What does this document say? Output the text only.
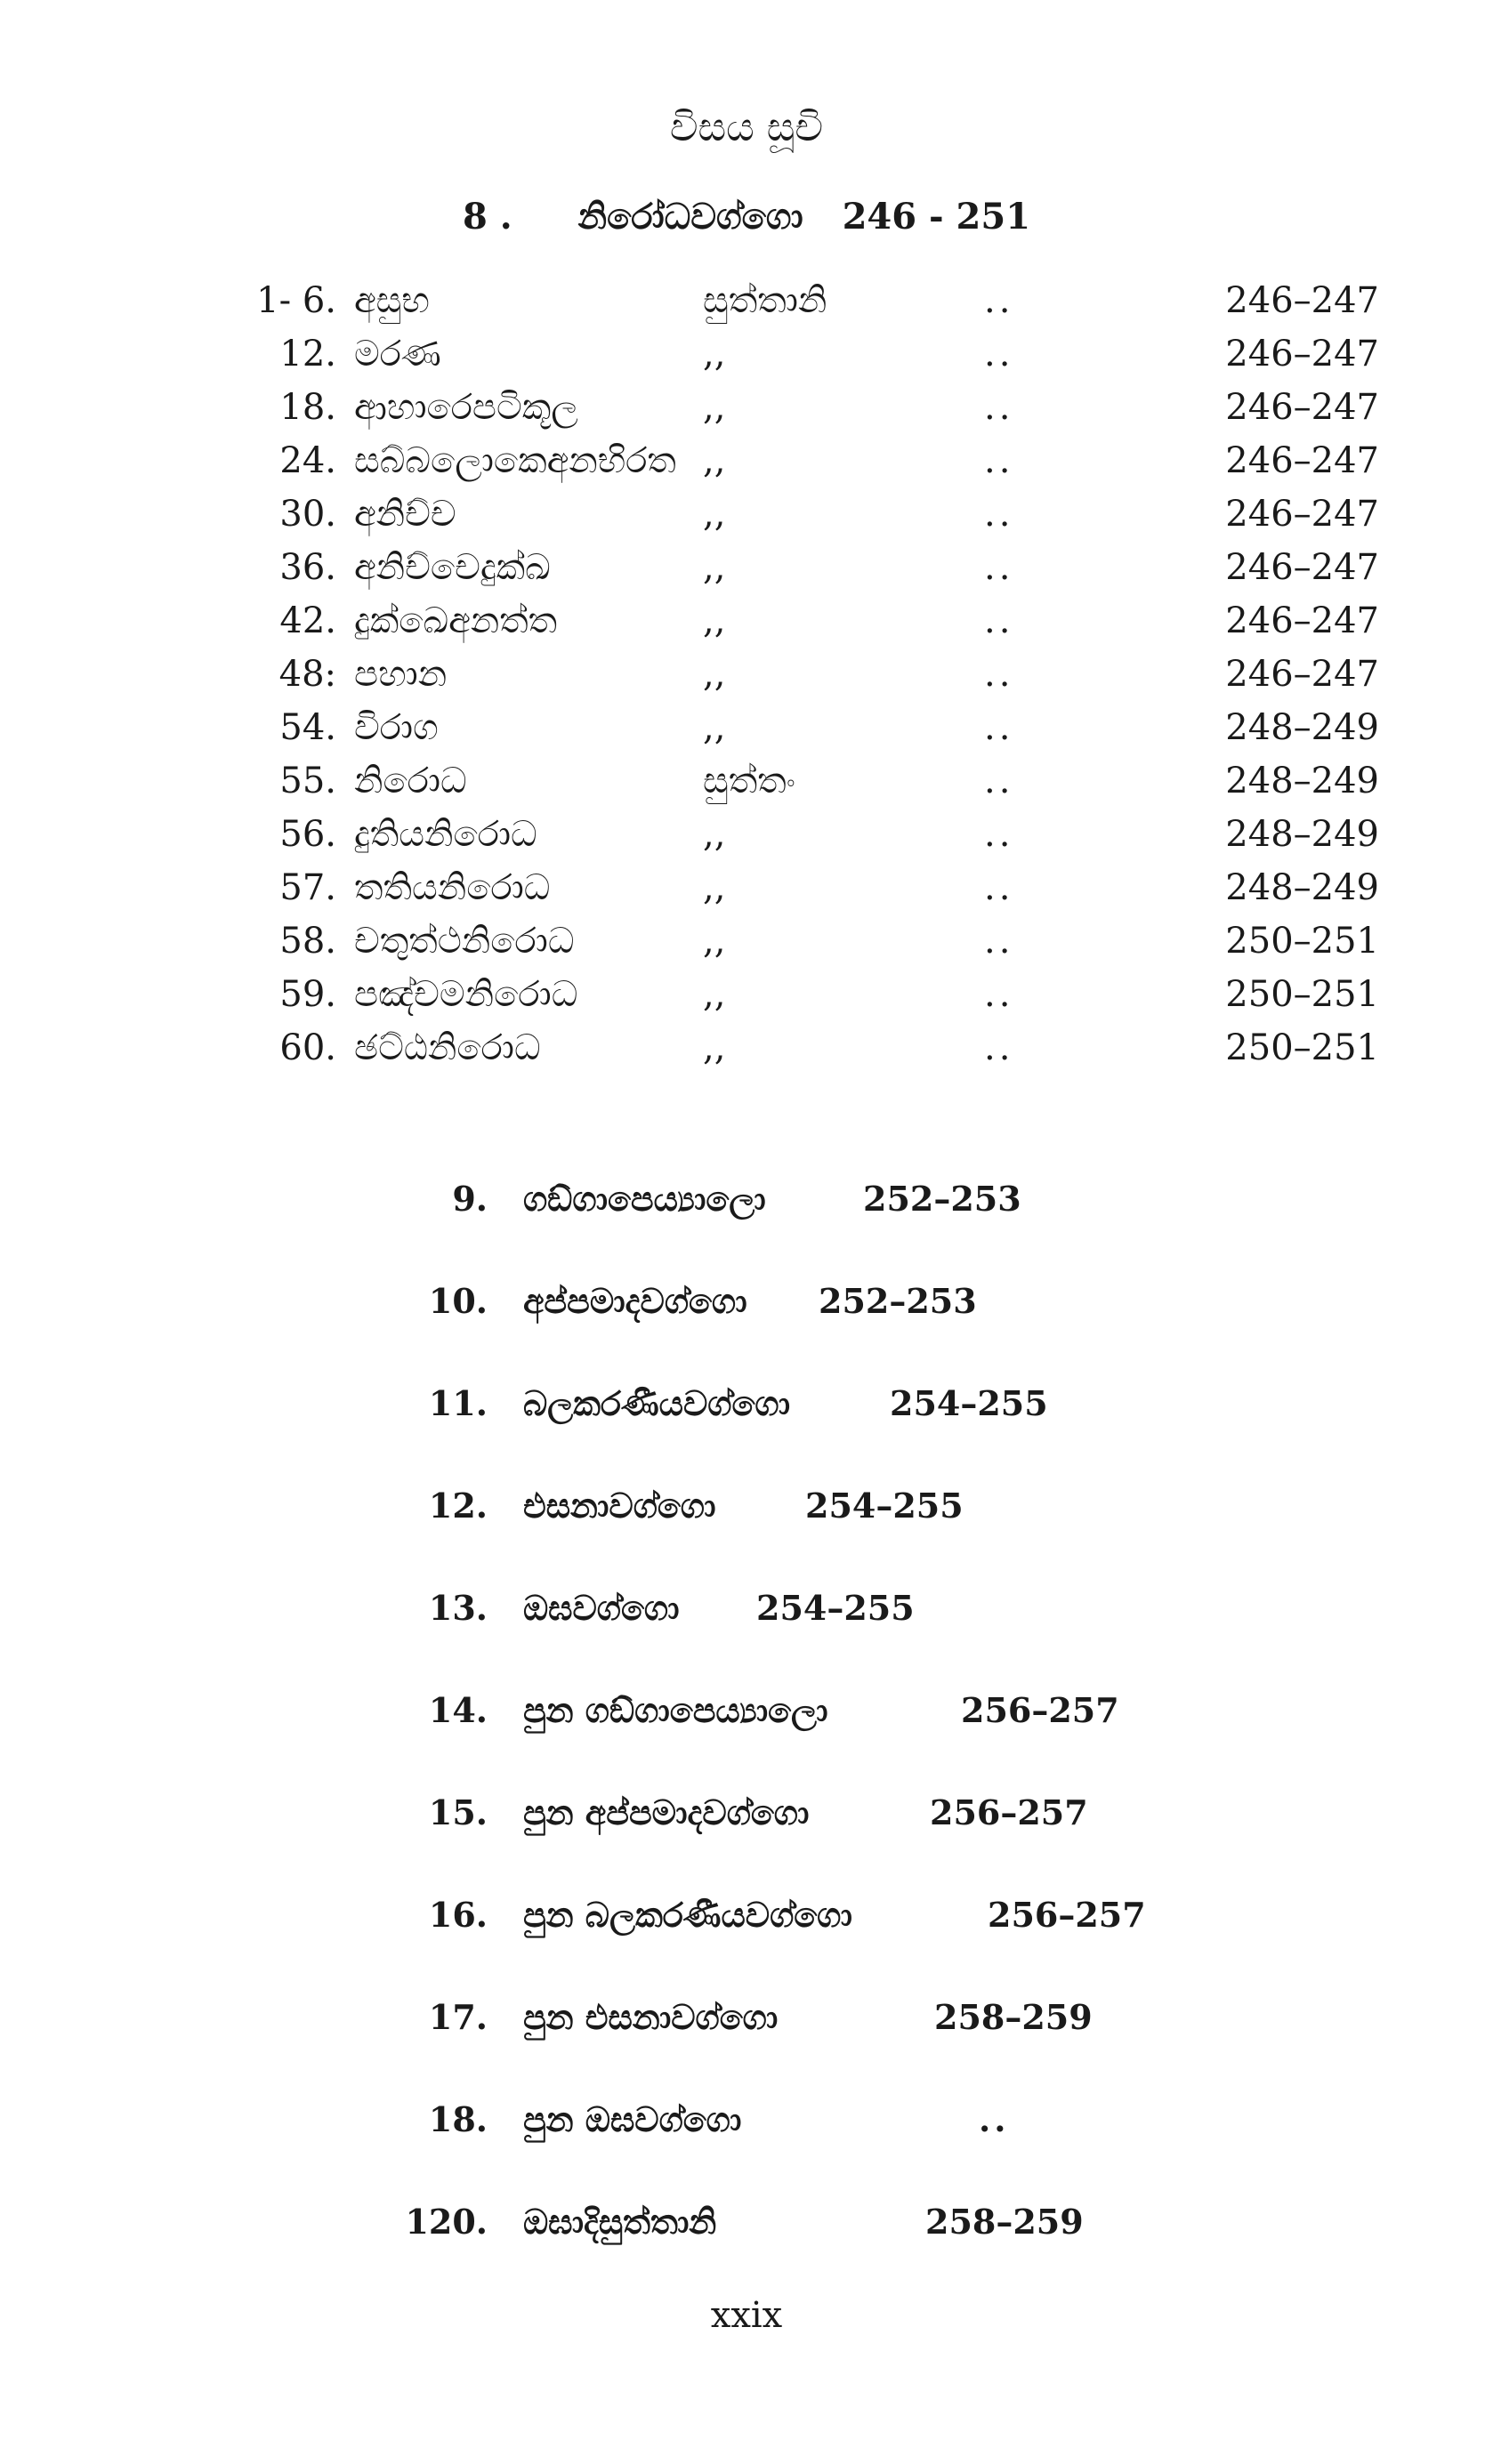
විසය සූචි
8 . නිරෝධවග්ගො 246 - 251
1- 6. අසුභ	සුත්තානි	..	246–247
12. මරණ	,,	..	246–247
18. ආහාරෙපටිකූල	,,	..	246–247
24. සබ්බලොකෙඅනභිරත ,,	..	246–247
30. අනිච්ච	,,	..	246–247
36. අනිච්චෙදුක්ඛ	,,	..	246–247
42. දුක්ඛෙඅනත්ත	,,	..	246–247
48: පහාන	,,	..	246–247
54. විරාග	,,	..	248–249
55. නිරොධ	සුත්තං	..	248–249
56. දුතියනිරොධ	,,	..	248–249
57. තතියනිරොධ	,,	..	248–249
58. චතුත්ථනිරොධ	,,	..	250–251
59. පඤ්චමනිරොධ	,,	..	250–251
60. ඡට්ඨනිරොධ	,,	..	250–251
9. ගඞ්ගාපෙය්‍යාලො	252–253
10. අප්පමාදවග්ගො 252–253
11. බලකරණීයවග්ගො	254–255
12. එසනාවග්ගො	254–255
13. ඔඝවග්ගො 254–255
14. පුන ගඞ්ගාපෙය්‍යාලො	256–257
15. පුන අප්පමාදවග්ගො	256–257
16. පුන බලකරණීයවග්ගො	256–257
17. පුන එසනාවග්ගො	258–259
18. පුන ඔඝවග්ගො	..
120. ඔඝාදිසුත්තානි	258–259
xxix
